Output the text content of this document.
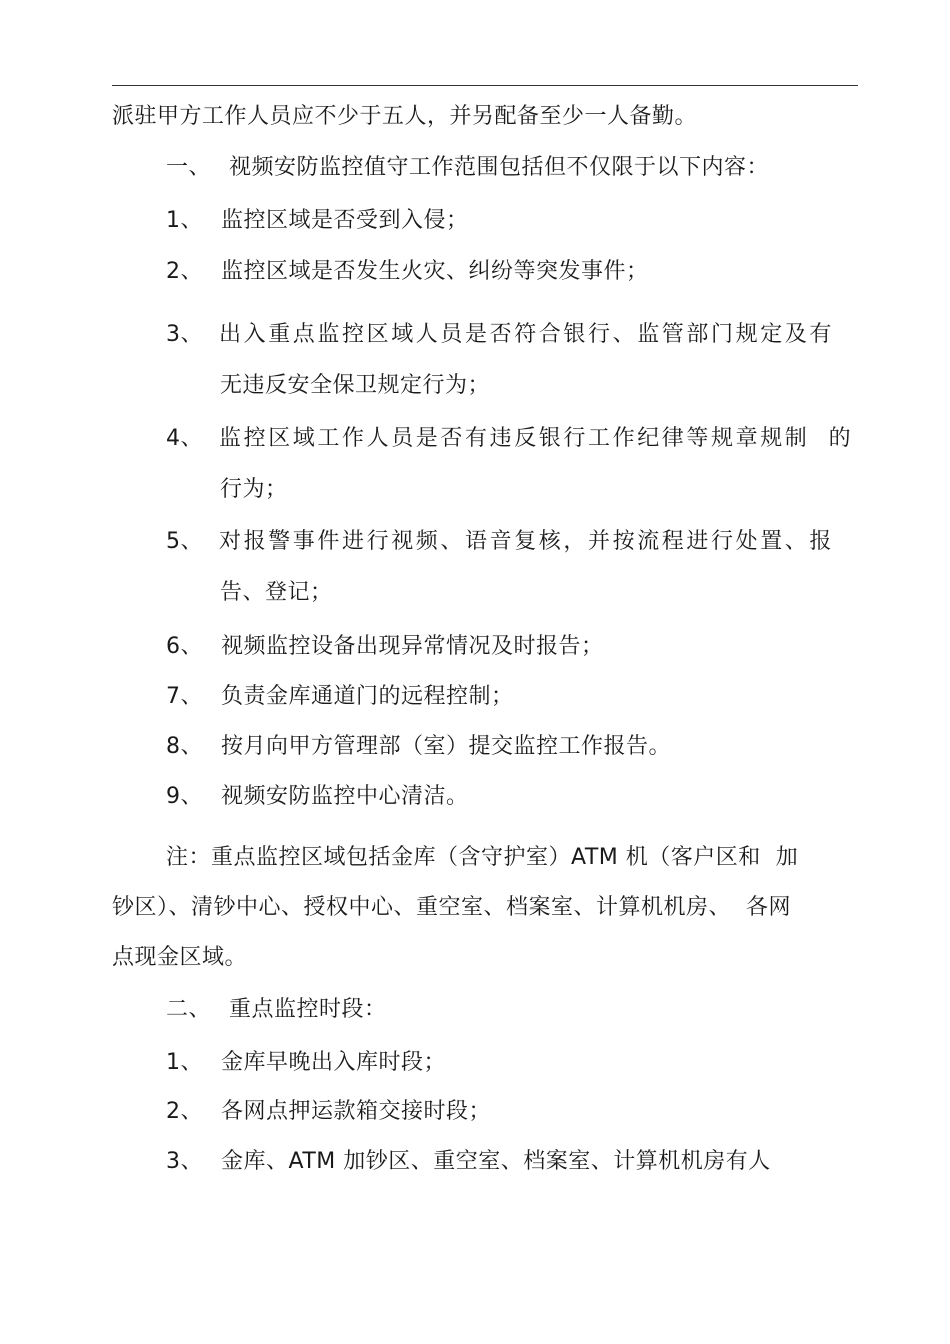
派驻甲方工作人员应不少于五人，并另配备至少一人备勤。
一、 视频安防监控值守工作范围包括但不仅限于以下内容：
1、 监控区域是否受到入侵；
2、 监控区域是否发生火灾、纠纷等突发事件；
3、 出入重点监控区域人员是否符合银行、监管部门规定及有
无违反安全保卫规定行为；
4、 监控区域工作人员是否有违反银行工作纪律等规章规制  的
行为；
5、 对报警事件进行视频、语音复核，并按流程进行处置、报
告、登记；
6、 视频监控设备出现异常情况及时报告；
7、 负责金库通道门的远程控制；
8、 按月向甲方管理部（室）提交监控工作报告。
9、 视频安防监控中心清洁。
注：重点监控区域包括金库（含守护室）ATM 机（客户区和  加
钞区）、清钞中心、授权中心、重空室、档案室、计算机机房、  各网
点现金区域。
二、 重点监控时段：
1、 金库早晚出入库时段；
2、 各网点押运款箱交接时段；
3、 金库、ATM 加钞区、重空室、档案室、计算机机房有人
